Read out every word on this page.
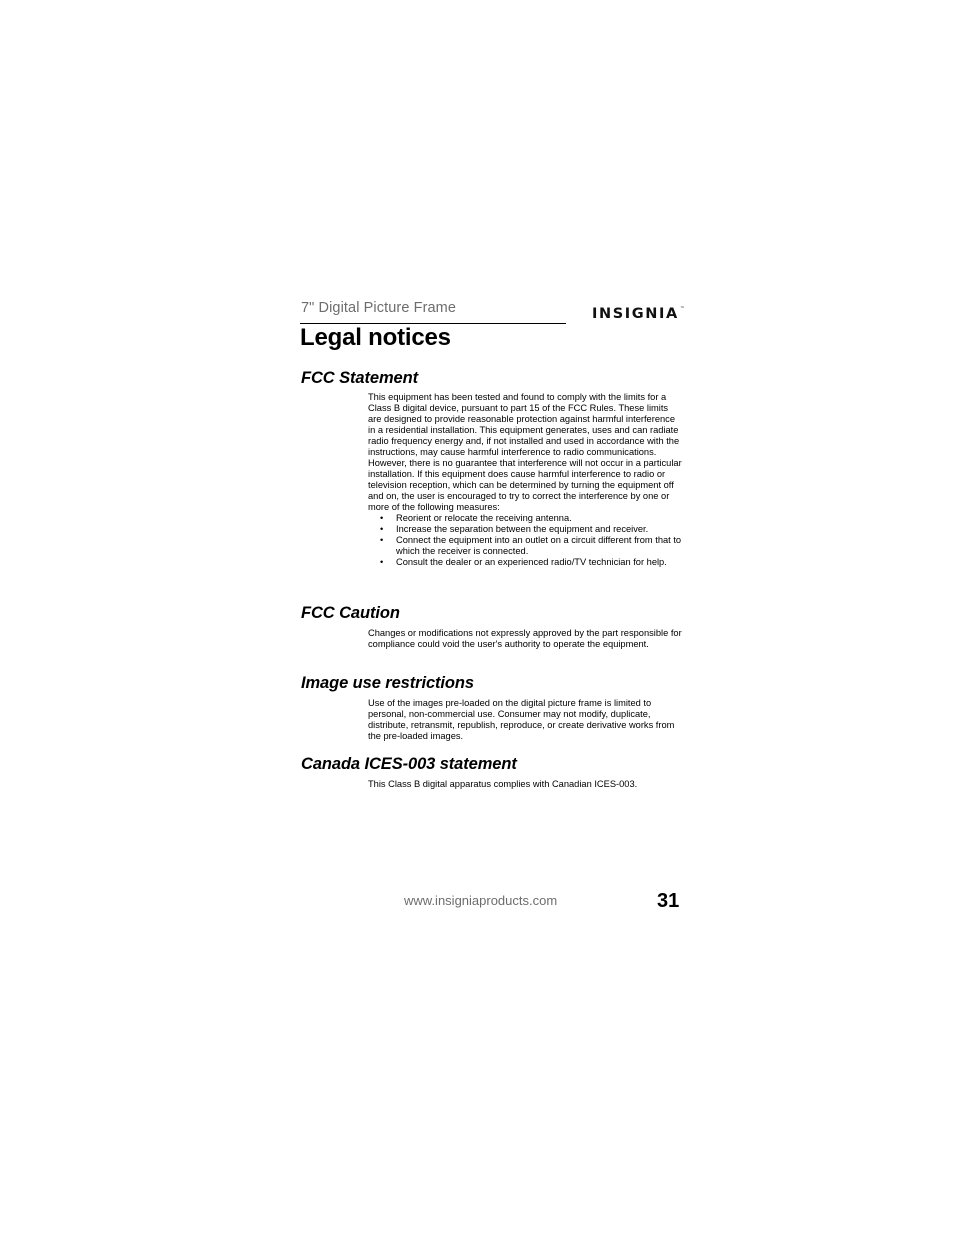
7" Digital Picture Frame	INSIGNIA™
Legal notices
FCC Statement
This equipment has been tested and found to comply with the limits for a Class B digital device, pursuant to part 15 of the FCC Rules. These limits are designed to provide reasonable protection against harmful interference in a residential installation. This equipment generates, uses and can radiate radio frequency energy and, if not installed and used in accordance with the instructions, may cause harmful interference to radio communications. However, there is no guarantee that interference will not occur in a particular installation. If this equipment does cause harmful interference to radio or television reception, which can be determined by turning the equipment off and on, the user is encouraged to try to correct the interference by one or more of the following measures:
• Reorient or relocate the receiving antenna.
• Increase the separation between the equipment and receiver.
• Connect the equipment into an outlet on a circuit different from that to which the receiver is connected.
• Consult the dealer or an experienced radio/TV technician for help.
FCC Caution
Changes or modifications not expressly approved by the part responsible for compliance could void the user's authority to operate the equipment.
Image use restrictions
Use of the images pre-loaded on the digital picture frame is limited to personal, non-commercial use. Consumer may not modify, duplicate, distribute, retransmit, republish, reproduce, or create derivative works from the pre-loaded images.
Canada ICES-003 statement
This Class B digital apparatus complies with Canadian ICES-003.
www.insigniaproducts.com	31
